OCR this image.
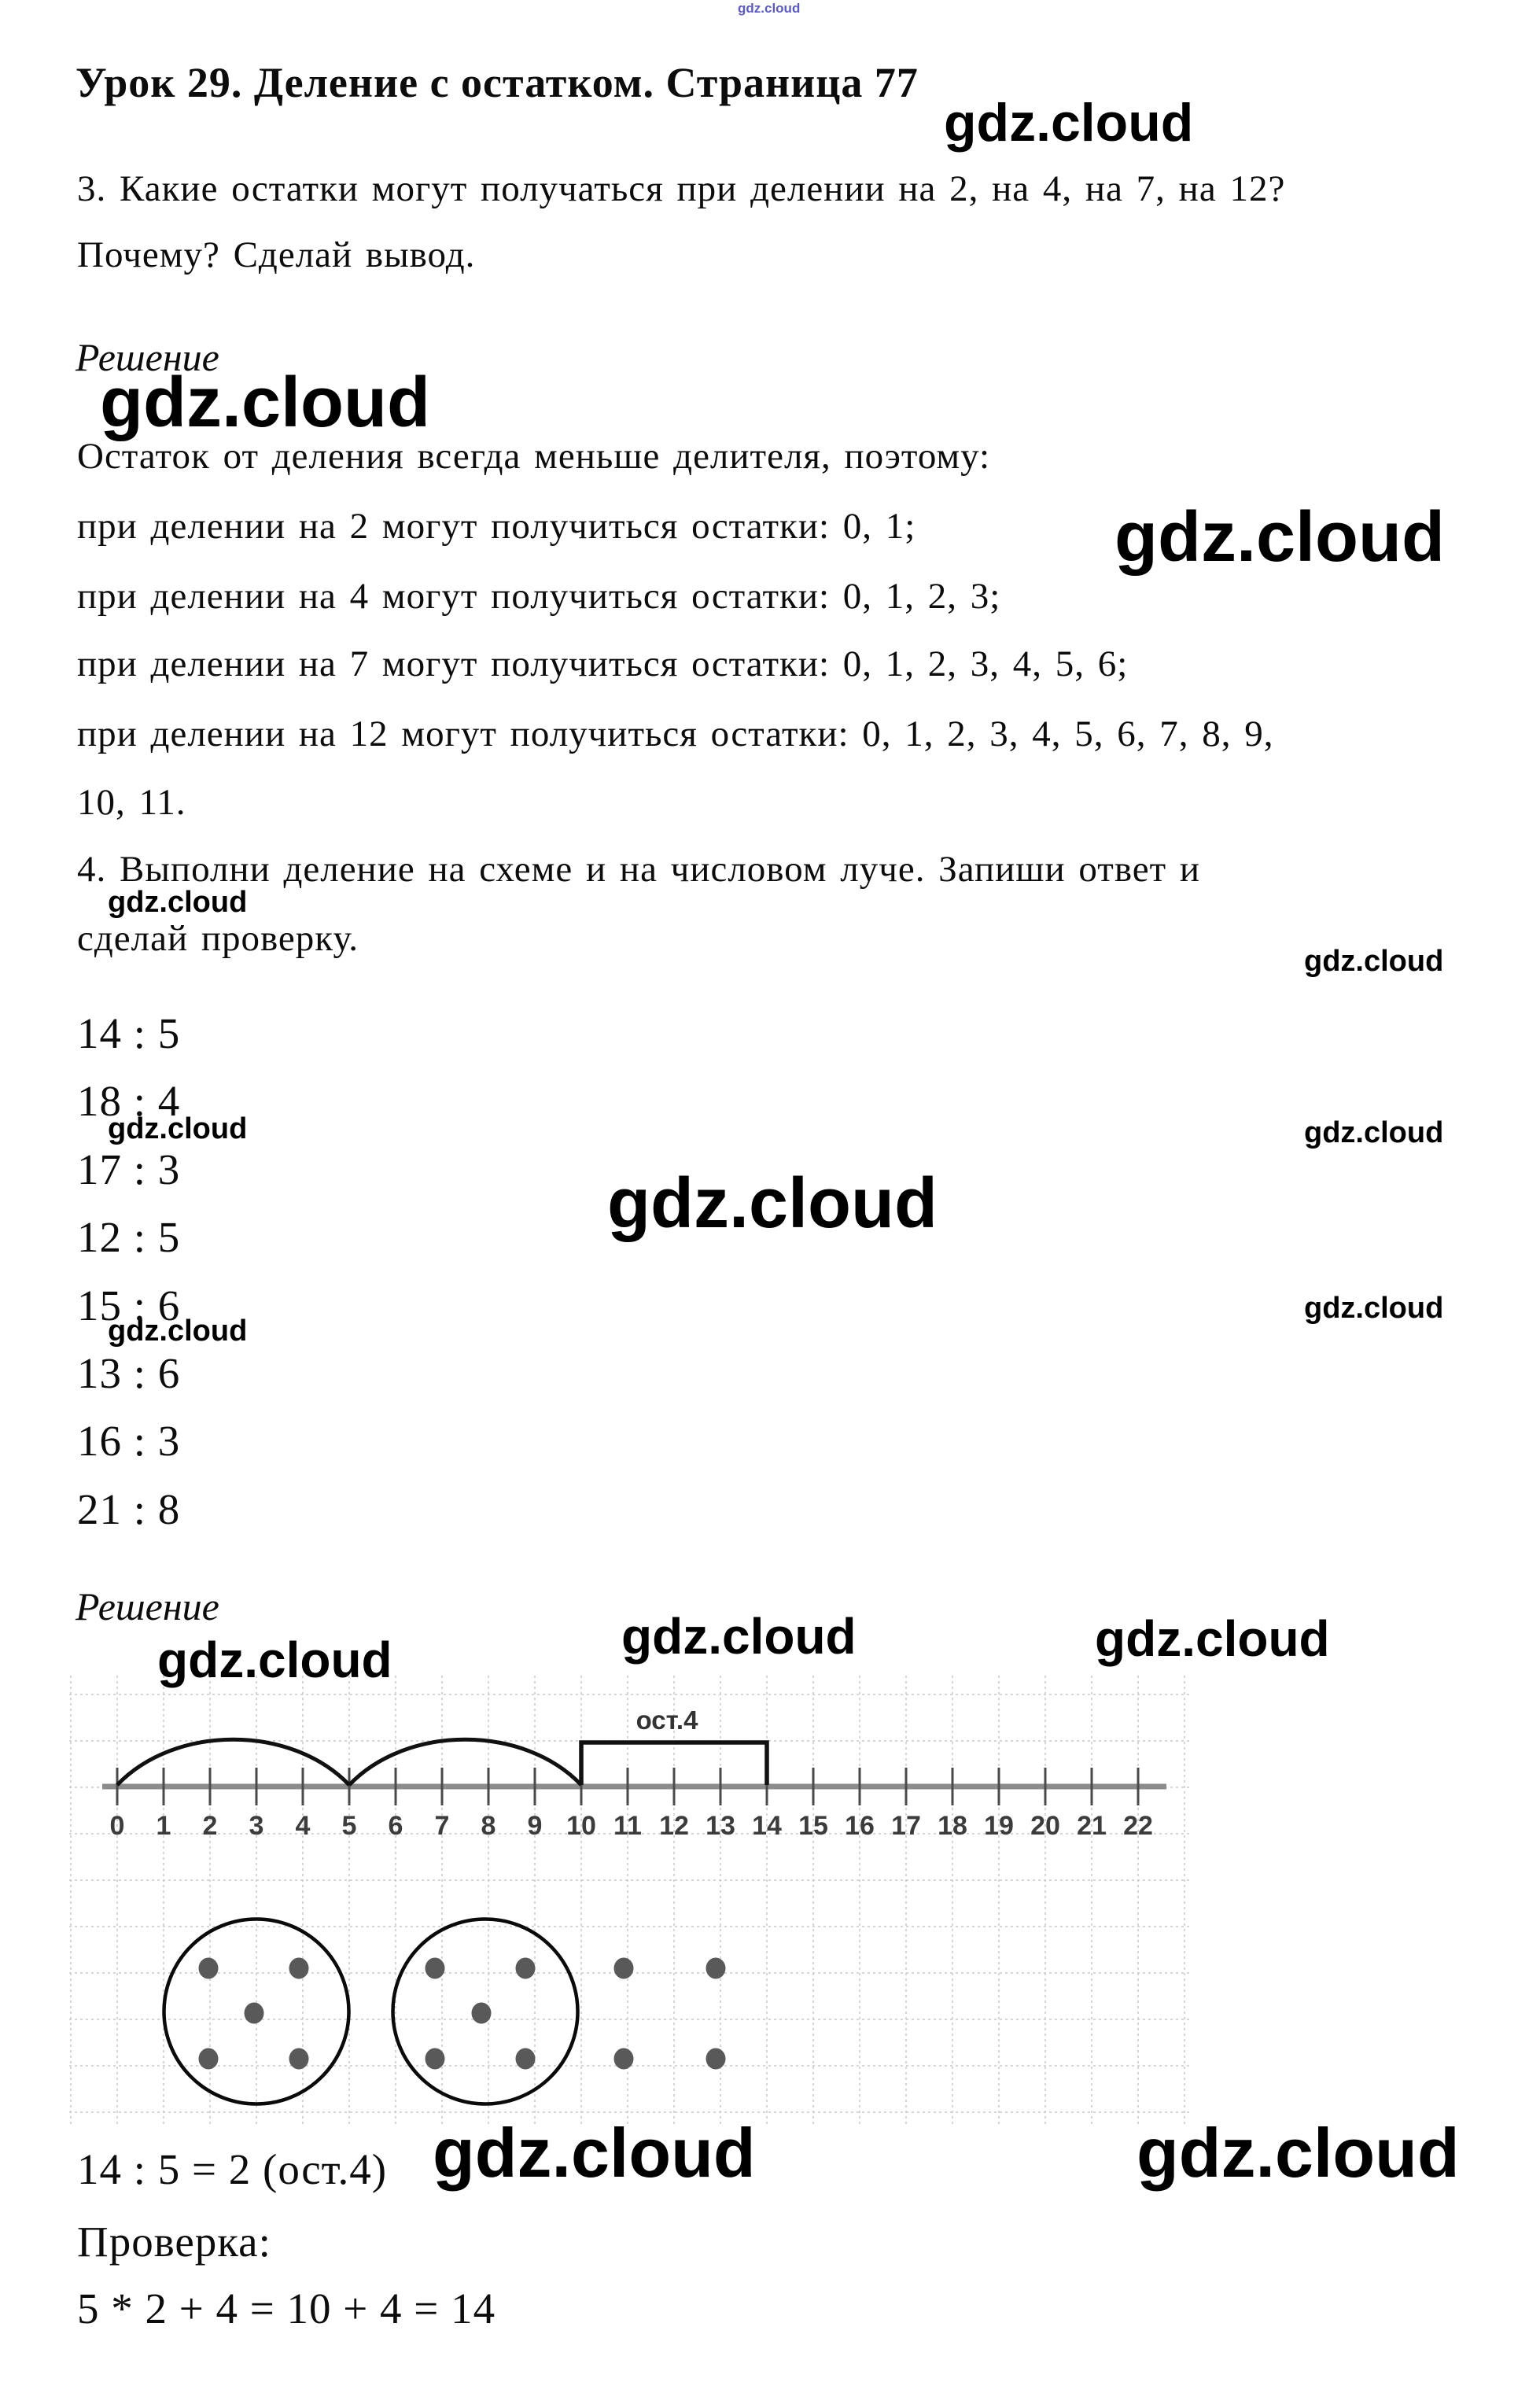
Урок 29. Деление с остатком. Страница 77
3. Какие остатки могут получаться при делении на 2, на 4, на 7, на 12?
Почему? Сделай вывод.
Решение
Остаток от деления всегда меньше делителя, поэтому:
при делении на 2 могут получиться остатки: 0, 1;
при делении на 4 могут получиться остатки: 0, 1, 2, 3;
при делении на 7 могут получиться остатки: 0, 1, 2, 3, 4, 5, 6;
при делении на 12 могут получиться остатки: 0, 1, 2, 3, 4, 5, 6, 7, 8, 9,
10, 11.
4. Выполни деление на схеме и на числовом луче. Запиши ответ и
сделай проверку.
14 : 5
18 : 4
17 : 3
12 : 5
15 : 6
13 : 6
16 : 3
21 : 8
Решение
0 1 2 3 4 5 6 7 8 9 10 11 12 13 14 15 16 17 18 19 20 21 22
ост.4
14 : 5 = 2 (ост.4)
Проверка:
5 * 2 + 4 = 10 + 4 = 14
gdz.cloud
gdz.cloud
gdz.cloud
gdz.cloud
gdz.cloud
gdz.cloud
gdz.cloud	gdz.cloud
gdz.cloud
gdz.cloud
gdz.cloud
gdz.cloud	gdz.cloud
gdz.cloud
gdz.cloud	gdz.cloud
